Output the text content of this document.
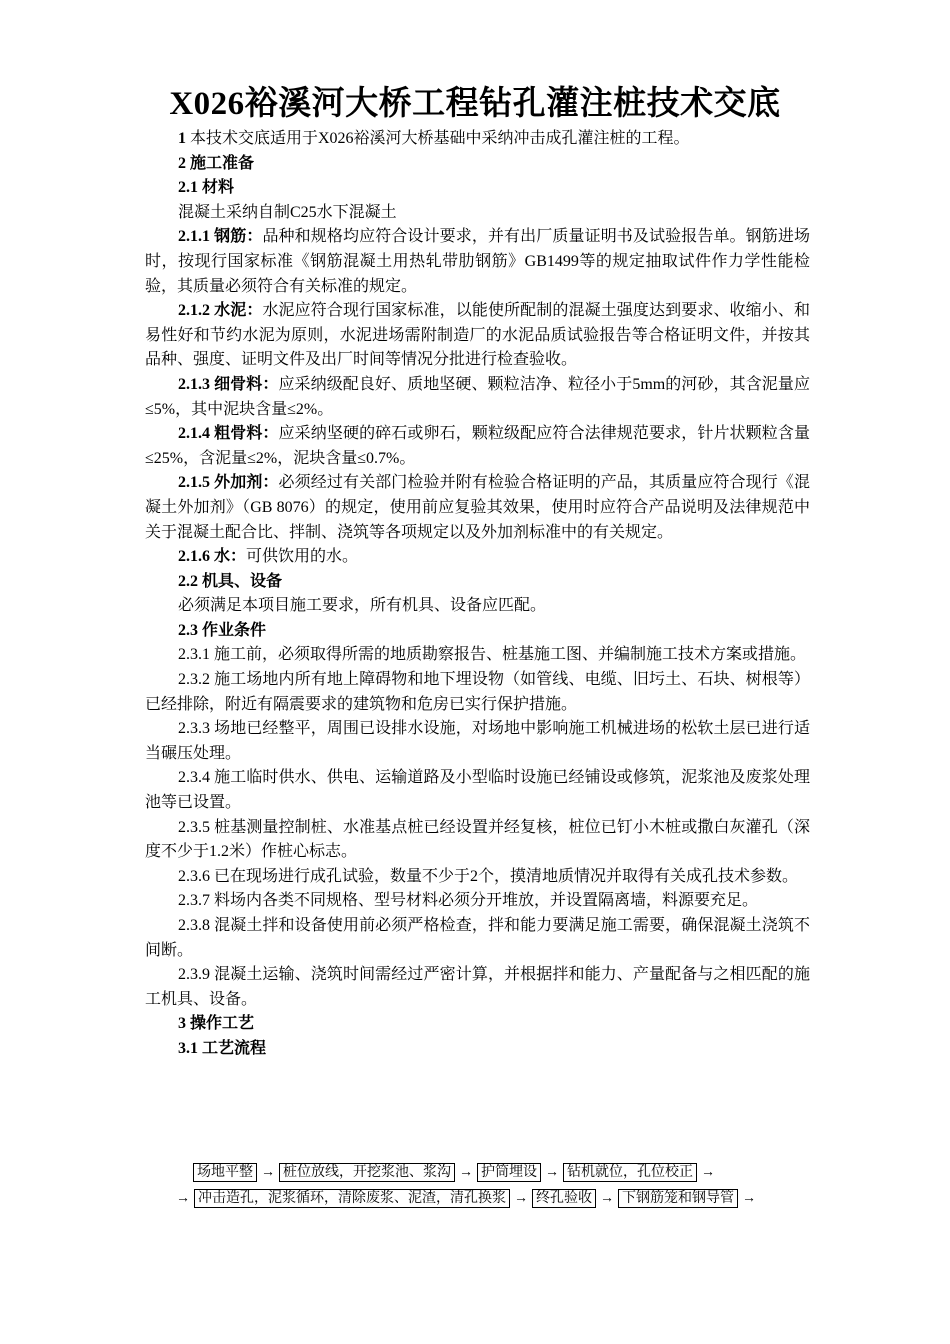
X026裕溪河大桥工程钻孔灌注桩技术交底

1 本技术交底适用于X026裕溪河大桥基础中采纳冲击成孔灌注桩的工程。

2 施工准备

2.1 材料

混凝土采纳自制C25水下混凝土

2.1.1 钢筋：品种和规格均应符合设计要求，并有出厂质量证明书及试验报告单。钢筋进场时，按现行国家标准《钢筋混凝土用热轧带肋钢筋》GB1499等的规定抽取试件作力学性能检验，其质量必须符合有关标准的规定。

2.1.2 水泥：水泥应符合现行国家标准，以能使所配制的混凝土强度达到要求、收缩小、和易性好和节约水泥为原则，水泥进场需附制造厂的水泥品质试验报告等合格证明文件，并按其品种、强度、证明文件及出厂时间等情况分批进行检查验收。

2.1.3 细骨料：应采纳级配良好、质地坚硬、颗粒洁净、粒径小于5mm的河砂，其含泥量应≤5%，其中泥块含量≤2%。

2.1.4 粗骨料：应采纳坚硬的碎石或卵石，颗粒级配应符合法律规范要求，针片状颗粒含量≤25%，含泥量≤2%，泥块含量≤0.7%。

2.1.5 外加剂：必须经过有关部门检验并附有检验合格证明的产品，其质量应符合现行《混凝土外加剂》（GB 8076）的规定，使用前应复验其效果，使用时应符合产品说明及法律规范中关于混凝土配合比、拌制、浇筑等各项规定以及外加剂标准中的有关规定。

2.1.6 水：可供饮用的水。

2.2 机具、设备

必须满足本项目施工要求，所有机具、设备应匹配。

2.3 作业条件

2.3.1 施工前，必须取得所需的地质勘察报告、桩基施工图、并编制施工技术方案或措施。

2.3.2 施工场地内所有地上障碍物和地下埋设物（如管线、电缆、旧圬土、石块、树根等）已经排除，附近有隔震要求的建筑物和危房已实行保护措施。

2.3.3 场地已经整平，周围已设排水设施，对场地中影响施工机械进场的松软土层已进行适当碾压处理。

2.3.4 施工临时供水、供电、运输道路及小型临时设施已经铺设或修筑，泥浆池及废浆处理池等已设置。

2.3.5 桩基测量控制桩、水准基点桩已经设置并经复核，桩位已钉小木桩或撒白灰灌孔（深度不少于1.2米）作桩心标志。

2.3.6 已在现场进行成孔试验，数量不少于2个，摸清地质情况并取得有关成孔技术参数。

2.3.7 料场内各类不同规格、型号材料必须分开堆放，并设置隔离墙，料源要充足。

2.3.8 混凝土拌和设备使用前必须严格检查，拌和能力要满足施工需要，确保混凝土浇筑不间断。

2.3.9 混凝土运输、浇筑时间需经过严密计算，并根据拌和能力、产量配备与之相匹配的施工机具、设备。

3 操作工艺

3.1 工艺流程

场地平整 → 桩位放线，开挖浆池、浆沟 → 护筒埋设 → 钻机就位，孔位校正 →
→ 冲击造孔，泥浆循环，清除废浆、泥渣，清孔换浆 → 终孔验收 → 下钢筋笼和钢导管 →
